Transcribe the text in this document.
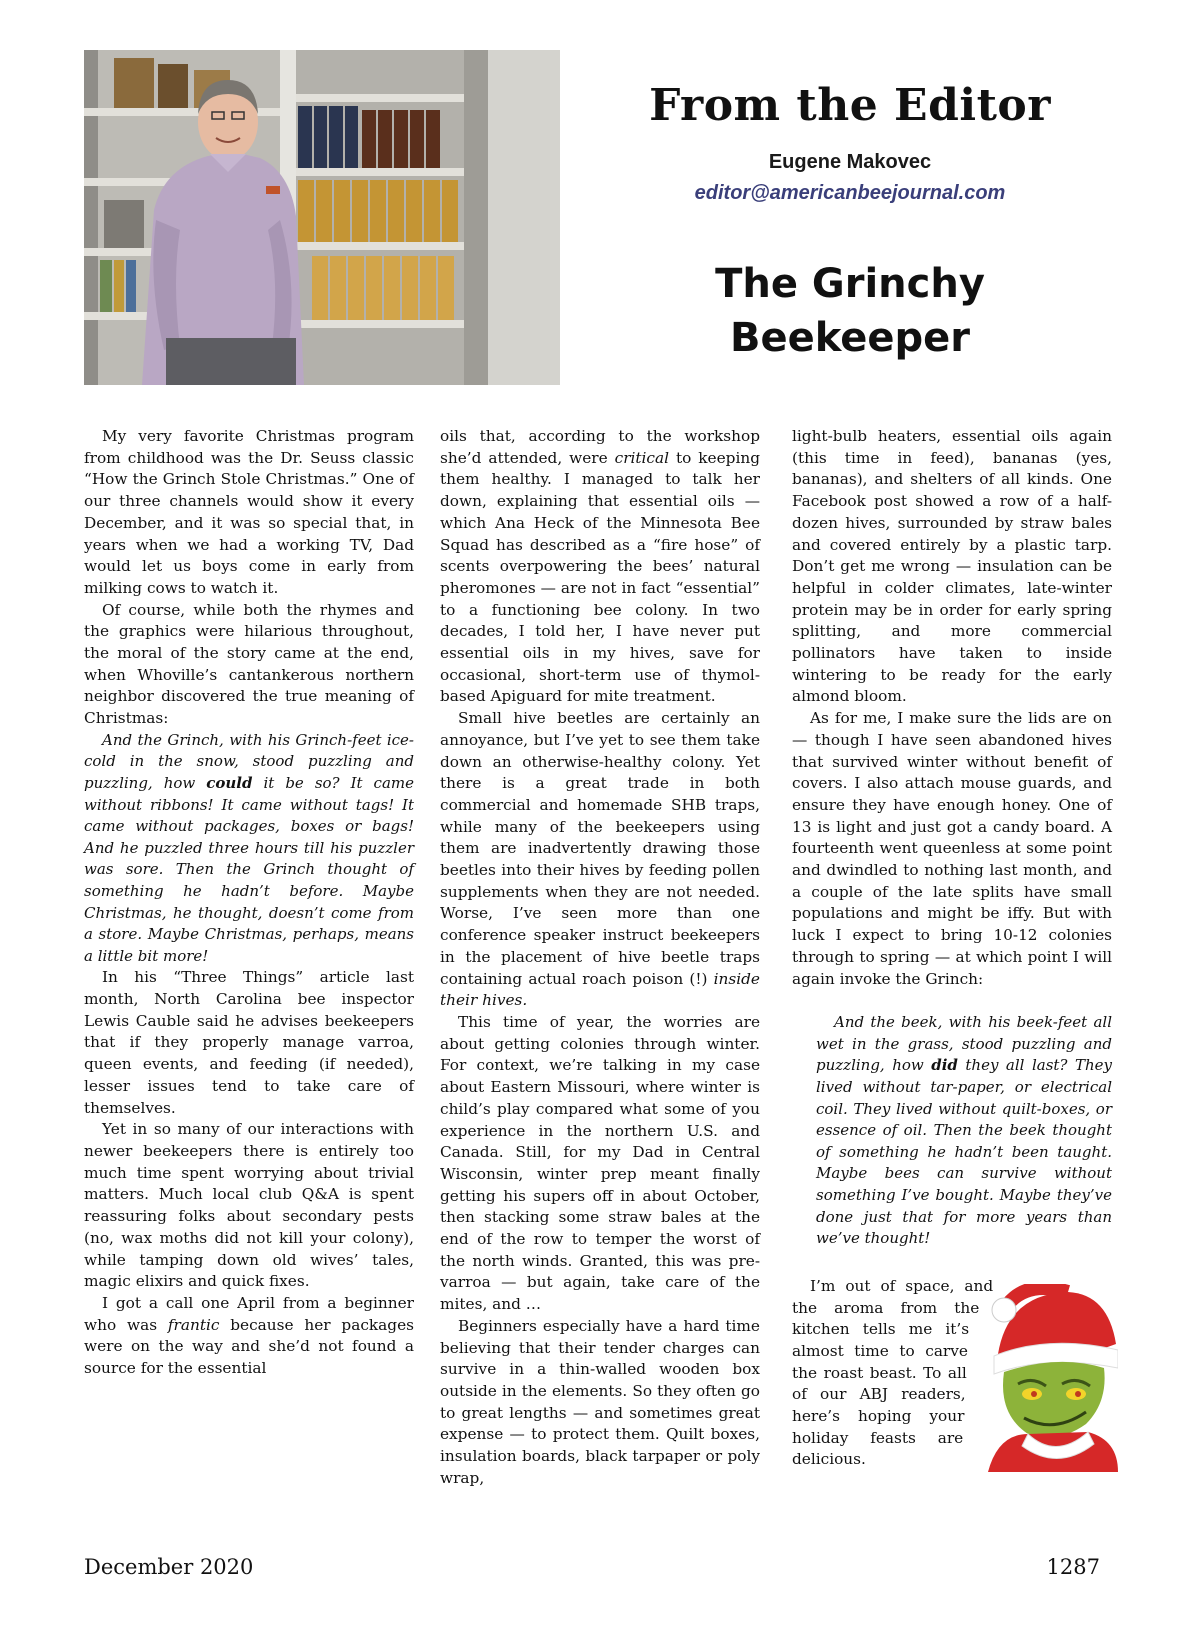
From the Editor
Eugene Makovec
editor@americanbeejournal.com
The Grinchy
Beekeeper

My very favorite Christmas program from childhood was the Dr. Seuss classic “How the Grinch Stole Christmas.” One of our three channels would show it every December, and it was so special that, in years when we had a working TV, Dad would let us boys come in early from milking cows to watch it.

Of course, while both the rhymes and the graphics were hilarious throughout, the moral of the story came at the end, when Whoville’s cantankerous northern neighbor discovered the true meaning of Christmas:

And the Grinch, with his Grinch-feet ice-cold in the snow, stood puzzling and puzzling, how could it be so? It came without ribbons! It came without tags! It came without packages, boxes or bags! And he puzzled three hours till his puzzler was sore. Then the Grinch thought of something he hadn’t before. Maybe Christmas, he thought, doesn’t come from a store. Maybe Christmas, perhaps, means a little bit more!

In his “Three Things” article last month, North Carolina bee inspector Lewis Cauble said he advises beekeepers that if they properly manage varroa, queen events, and feeding (if needed), lesser issues tend to take care of themselves.

Yet in so many of our interactions with newer beekeepers there is entirely too much time spent worrying about trivial matters. Much local club Q&A is spent reassuring folks about secondary pests (no, wax moths did not kill your colony), while tamping down old wives’ tales, magic elixirs and quick fixes.

I got a call one April from a beginner who was frantic because her packages were on the way and she’d not found a source for the essential

oils that, according to the workshop she’d attended, were critical to keeping them healthy. I managed to talk her down, explaining that essential oils — which Ana Heck of the Minnesota Bee Squad has described as a “fire hose” of scents overpowering the bees’ natural pheromones — are not in fact “essential” to a functioning bee colony. In two decades, I told her, I have never put essential oils in my hives, save for occasional, short-term use of thymol-based Apiguard for mite treatment.

Small hive beetles are certainly an annoyance, but I’ve yet to see them take down an otherwise-healthy colony. Yet there is a great trade in both commercial and homemade SHB traps, while many of the beekeepers using them are inadvertently drawing those beetles into their hives by feeding pollen supplements when they are not needed. Worse, I’ve seen more than one conference speaker instruct beekeepers in the placement of hive beetle traps containing actual roach poison (!) inside their hives.

This time of year, the worries are about getting colonies through winter. For context, we’re talking in my case about Eastern Missouri, where winter is child’s play compared what some of you experience in the northern U.S. and Canada. Still, for my Dad in Central Wisconsin, winter prep meant finally getting his supers off in about October, then stacking some straw bales at the end of the row to temper the worst of the north winds. Granted, this was pre-varroa — but again, take care of the mites, and …

Beginners especially have a hard time believing that their tender charges can survive in a thin-walled wooden box outside in the elements. So they often go to great lengths — and sometimes great expense — to protect them. Quilt boxes, insulation boards, black tarpaper or poly wrap,

light-bulb heaters, essential oils again (this time in feed), bananas (yes, bananas), and shelters of all kinds. One Facebook post showed a row of a half-dozen hives, surrounded by straw bales and covered entirely by a plastic tarp. Don’t get me wrong — insulation can be helpful in colder climates, late-winter protein may be in order for early spring splitting, and more commercial pollinators have taken to inside wintering to be ready for the early almond bloom.

As for me, I make sure the lids are on — though I have seen abandoned hives that survived winter without benefit of covers. I also attach mouse guards, and ensure they have enough honey. One of 13 is light and just got a candy board. A fourteenth went queenless at some point and dwindled to nothing last month, and a couple of the late splits have small populations and might be iffy. But with luck I expect to bring 10-12 colonies through to spring — at which point I will again invoke the Grinch:

And the beek, with his beek-feet all wet in the grass, stood puzzling and puzzling, how did they all last? They lived without tar-paper, or electrical coil. They lived without quilt-boxes, or essence of oil. Then the beek thought of something he hadn’t been taught. Maybe bees can survive without something I’ve bought. Maybe they’ve done just that for more years than we’ve thought!

I’m out of space, and the aroma from the kitchen tells me it’s almost time to carve the roast beast. To all of our ABJ readers, here’s hoping your holiday feasts are delicious.

December 2020	1287
